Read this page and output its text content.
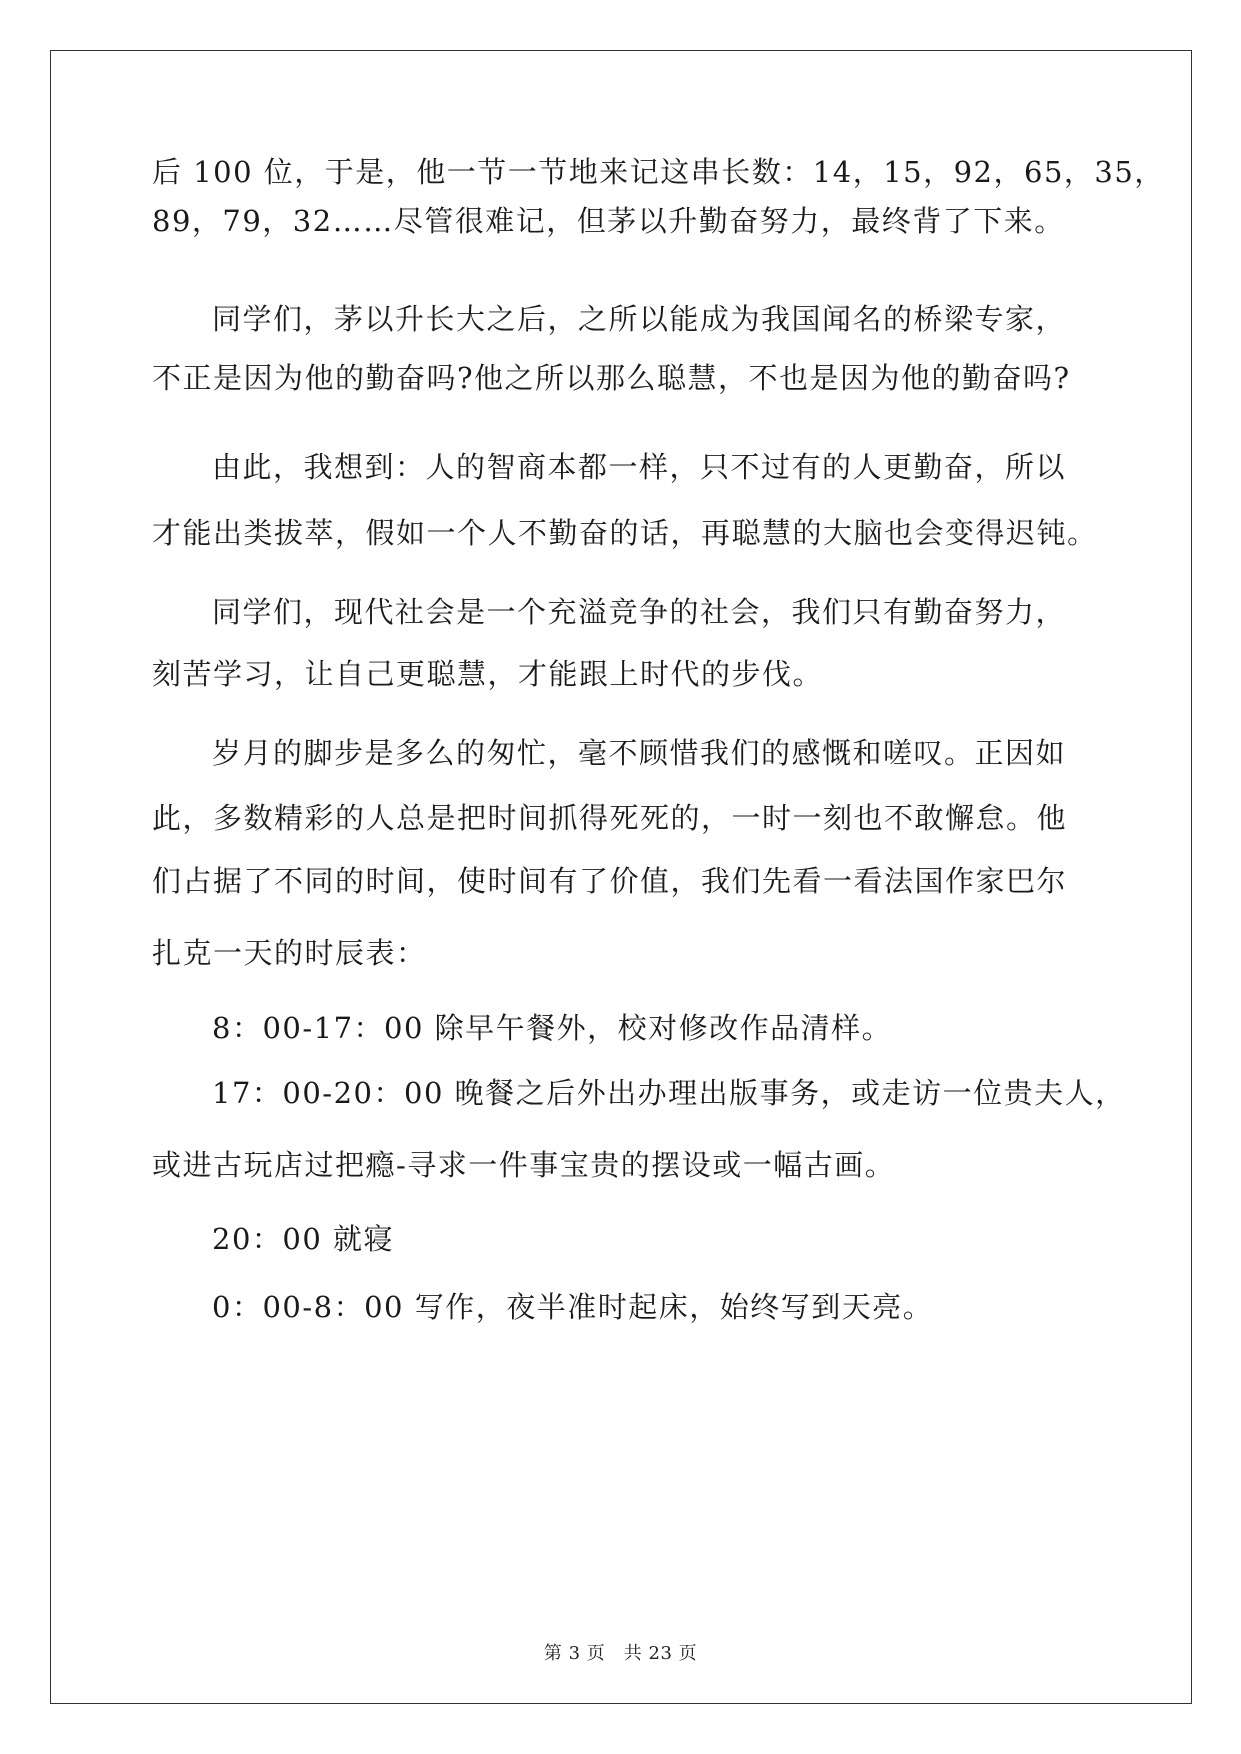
后 100 位，于是，他一节一节地来记这串长数：14，15，92，65，35，
89，79，32……尽管很难记，但茅以升勤奋努力，最终背了下来。
同学们，茅以升长大之后，之所以能成为我国闻名的桥梁专家，
不正是因为他的勤奋吗?他之所以那么聪慧，不也是因为他的勤奋吗?
由此，我想到：人的智商本都一样，只不过有的人更勤奋，所以
才能出类拔萃，假如一个人不勤奋的话，再聪慧的大脑也会变得迟钝。
同学们，现代社会是一个充溢竞争的社会，我们只有勤奋努力，
刻苦学习，让自己更聪慧，才能跟上时代的步伐。
岁月的脚步是多么的匆忙，毫不顾惜我们的感慨和嗟叹。正因如
此，多数精彩的人总是把时间抓得死死的，一时一刻也不敢懈怠。他
们占据了不同的时间，使时间有了价值，我们先看一看法国作家巴尔
扎克一天的时辰表：
8：00-17：00 除早午餐外，校对修改作品清样。
17：00-20：00 晚餐之后外出办理出版事务，或走访一位贵夫人，
或进古玩店过把瘾-寻求一件事宝贵的摆设或一幅古画。
20：00 就寝
0：00-8：00 写作，夜半准时起床，始终写到天亮。
第 3 页　共 23 页
